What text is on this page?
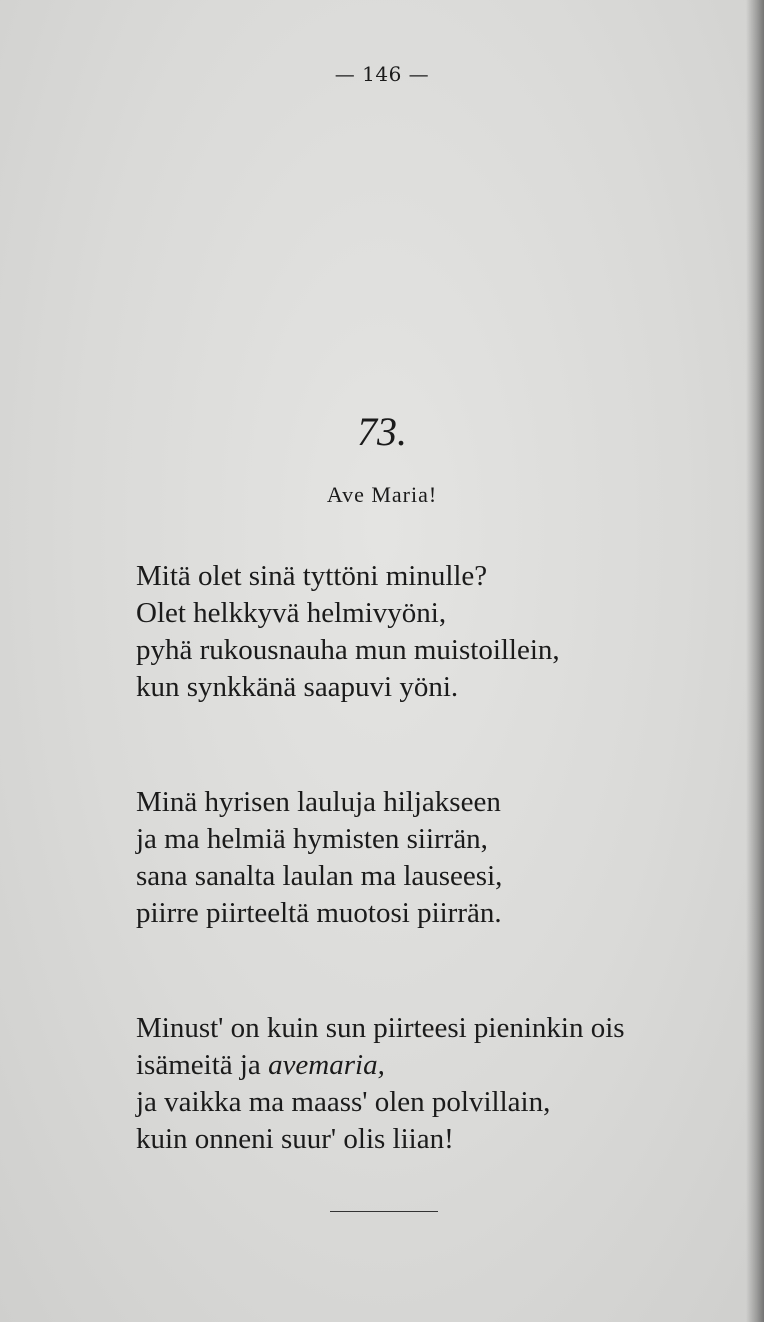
— 146 —
73.
Ave Maria!
Mitä olet sinä tyttöni minulle?
Olet helkkyvä helmivyöni,
pyhä rukousnauha mun muistoillein,
kun synkkänä saapuvi yöni.
Minä hyrisen lauluja hiljakseen
ja ma helmiä hymisten siirrän,
sana sanalta laulan ma lauseesi,
piirre piirteeltä muotosi piirrän.
Minust' on kuin sun piirteesi pieninkin ois
isämeitä ja avemaria,
ja vaikka ma maass' olen polvillain,
kuin onneni suur' olis liian!
